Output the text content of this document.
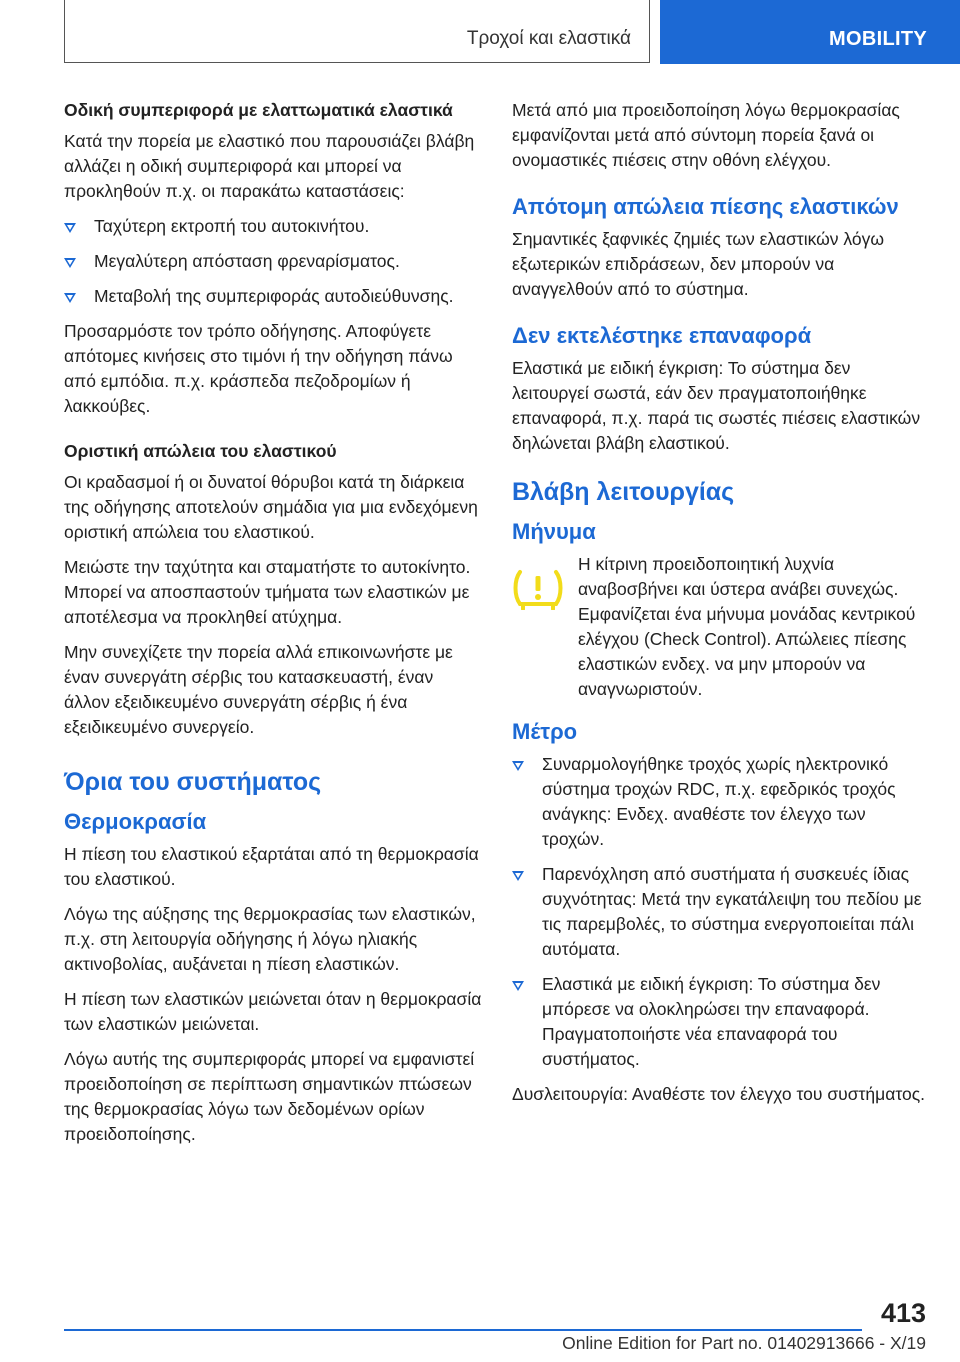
Τροχοί και ελαστικά	MOBILITY
Οδική συμπεριφορά με ελαττωματικά ελαστικά

Κατά την πορεία με ελαστικό που παρουσιάζει βλάβη αλλάζει η οδική συμπεριφορά και μπορεί να προκληθούν π.χ. οι παρακάτω καταστάσεις:

Ταχύτερη εκτροπή του αυτοκινήτου.
Μεγαλύτερη απόσταση φρεναρίσματος.
Μεταβολή της συμπεριφοράς αυτοδιεύθυνσης.

Προσαρμόστε τον τρόπο οδήγησης. Αποφύγετε απότομες κινήσεις στο τιμόνι ή την οδήγηση πάνω από εμπόδια. π.χ. κράσπεδα πεζοδρομίων ή λακκούβες.

Οριστική απώλεια του ελαστικού

Οι κραδασμοί ή οι δυνατοί θόρυβοι κατά τη διάρκεια της οδήγησης αποτελούν σημάδια για μια ενδεχόμενη οριστική απώλεια του ελαστικού.

Μειώστε την ταχύτητα και σταματήστε το αυτοκίνητο. Μπορεί να αποσπαστούν τμήματα των ελαστικών με αποτέλεσμα να προκληθεί ατύχημα.

Μην συνεχίζετε την πορεία αλλά επικοινωνήστε με έναν συνεργάτη σέρβις του κατασκευαστή, έναν άλλον εξειδικευμένο συνεργάτη σέρβις ή ένα εξειδικευμένο συνεργείο.

Όρια του συστήματος
Θερμοκρασία

Η πίεση του ελαστικού εξαρτάται από τη θερμοκρασία του ελαστικού.

Λόγω της αύξησης της θερμοκρασίας των ελαστικών, π.χ. στη λειτουργία οδήγησης ή λόγω ηλιακής ακτινοβολίας, αυξάνεται η πίεση ελαστικών.

Η πίεση των ελαστικών μειώνεται όταν η θερμοκρασία των ελαστικών μειώνεται.

Λόγω αυτής της συμπεριφοράς μπορεί να εμφανιστεί προειδοποίηση σε περίπτωση σημαντικών πτώσεων της θερμοκρασίας λόγω των δεδομένων ορίων προειδοποίησης.

Μετά από μια προειδοποίηση λόγω θερμοκρασίας εμφανίζονται μετά από σύντομη πορεία ξανά οι ονομαστικές πιέσεις στην οθόνη ελέγχου.

Απότομη απώλεια πίεσης ελαστικών

Σημαντικές ξαφνικές ζημιές των ελαστικών λόγω εξωτερικών επιδράσεων, δεν μπορούν να αναγγελθούν από το σύστημα.

Δεν εκτελέστηκε επαναφορά

Ελαστικά με ειδική έγκριση: Το σύστημα δεν λειτουργεί σωστά, εάν δεν πραγματοποιήθηκε επαναφορά, π.χ. παρά τις σωστές πιέσεις ελαστικών δηλώνεται βλάβη ελαστικού.

Βλάβη λειτουργίας
Μήνυμα

Η κίτρινη προειδοποιητική λυχνία αναβοσβήνει και ύστερα ανάβει συνεχώς. Εμφανίζεται ένα μήνυμα μονάδας κεντρικού ελέγχου (Check Control). Απώλειες πίεσης ελαστικών ενδεχ. να μην μπορούν να αναγνωριστούν.

Μέτρο
Συναρμολογήθηκε τροχός χωρίς ηλεκτρονικό σύστημα τροχών RDC, π.χ. εφεδρικός τροχός ανάγκης: Ενδεχ. αναθέστε τον έλεγχο των τροχών.
Παρενόχληση από συστήματα ή συσκευές ίδιας συχνότητας: Μετά την εγκατάλειψη του πεδίου με τις παρεμβολές, το σύστημα ενεργοποιείται πάλι αυτόματα.
Ελαστικά με ειδική έγκριση: Το σύστημα δεν μπόρεσε να ολοκληρώσει την επαναφορά. Πραγματοποιήστε νέα επαναφορά του συστήματος.

Δυσλειτουργία: Αναθέστε τον έλεγχο του συστήματος.

413
Online Edition for Part no. 01402913666 - X/19
